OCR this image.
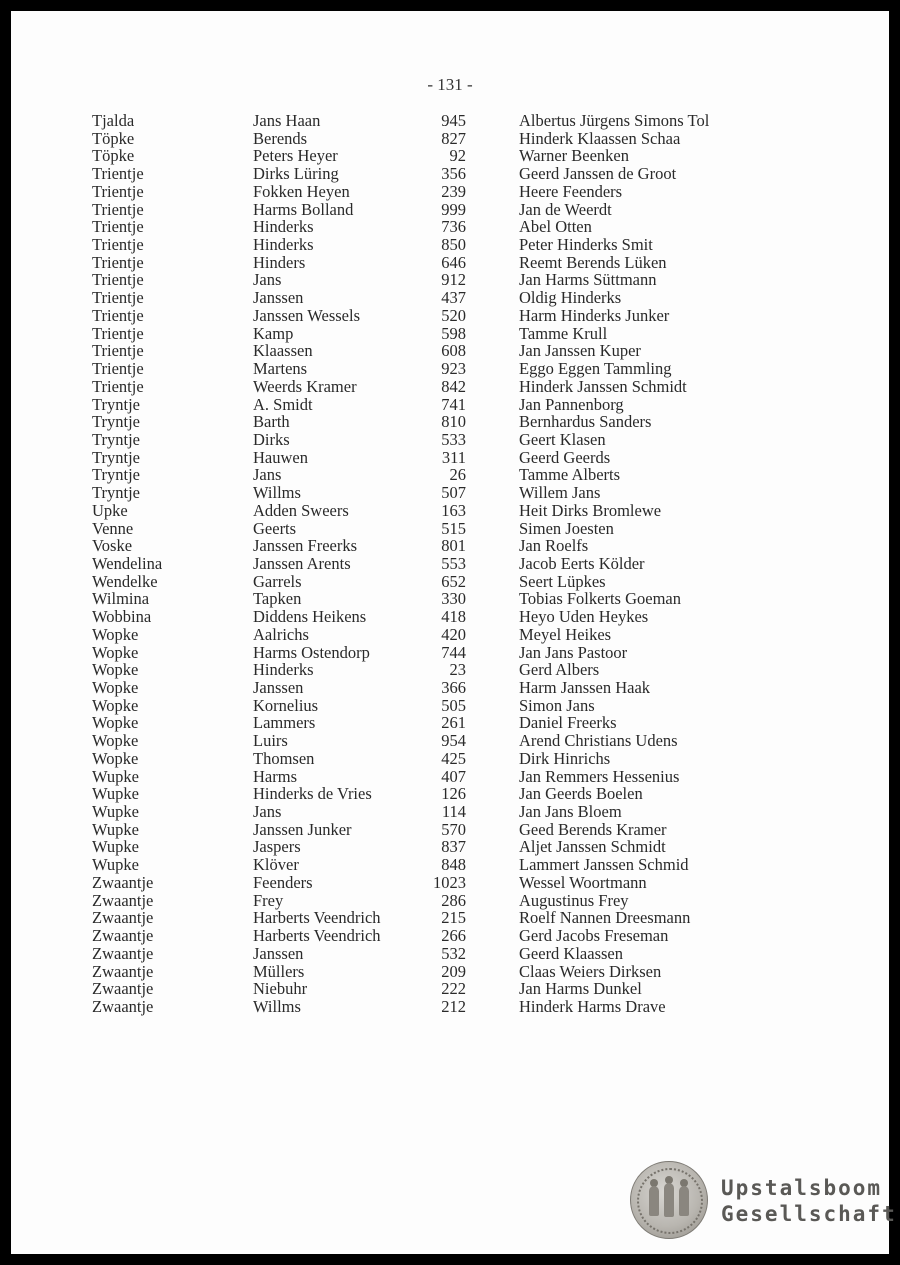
- 131 -
Tjalda	Jans Haan	945	Albertus Jürgens Simons Tol
Töpke	Berends	827	Hinderk Klaassen Schaa
Töpke	Peters Heyer	92	Warner Beenken
Trientje	Dirks Lüring	356	Geerd Janssen de Groot
Trientje	Fokken Heyen	239	Heere Feenders
Trientje	Harms Bolland	999	Jan de Weerdt
Trientje	Hinderks	736	Abel Otten
Trientje	Hinderks	850	Peter Hinderks Smit
Trientje	Hinders	646	Reemt Berends Lüken
Trientje	Jans	912	Jan Harms Süttmann
Trientje	Janssen	437	Oldig Hinderks
Trientje	Janssen Wessels	520	Harm Hinderks Junker
Trientje	Kamp	598	Tamme Krull
Trientje	Klaassen	608	Jan Janssen Kuper
Trientje	Martens	923	Eggo Eggen Tammling
Trientje	Weerds Kramer	842	Hinderk Janssen Schmidt
Tryntje	A. Smidt	741	Jan Pannenborg
Tryntje	Barth	810	Bernhardus Sanders
Tryntje	Dirks	533	Geert Klasen
Tryntje	Hauwen	311	Geerd Geerds
Tryntje	Jans	26	Tamme Alberts
Tryntje	Willms	507	Willem Jans
Upke	Adden Sweers	163	Heit Dirks Bromlewe
Venne	Geerts	515	Simen Joesten
Voske	Janssen Freerks	801	Jan Roelfs
Wendelina	Janssen Arents	553	Jacob Eerts Kölder
Wendelke	Garrels	652	Seert Lüpkes
Wilmina	Tapken	330	Tobias Folkerts Goeman
Wobbina	Diddens Heikens	418	Heyo Uden Heykes
Wopke	Aalrichs	420	Meyel Heikes
Wopke	Harms Ostendorp	744	Jan Jans Pastoor
Wopke	Hinderks	23	Gerd Albers
Wopke	Janssen	366	Harm Janssen Haak
Wopke	Kornelius	505	Simon Jans
Wopke	Lammers	261	Daniel Freerks
Wopke	Luirs	954	Arend Christians Udens
Wopke	Thomsen	425	Dirk Hinrichs
Wupke	Harms	407	Jan Remmers Hessenius
Wupke	Hinderks de Vries	126	Jan Geerds Boelen
Wupke	Jans	114	Jan Jans Bloem
Wupke	Janssen Junker	570	Geed Berends Kramer
Wupke	Jaspers	837	Aljet Janssen Schmidt
Wupke	Klöver	848	Lammert Janssen Schmid
Zwaantje	Feenders	1023	Wessel Woortmann
Zwaantje	Frey	286	Augustinus Frey
Zwaantje	Harberts Veendrich	215	Roelf Nannen Dreesmann
Zwaantje	Harberts Veendrich	266	Gerd Jacobs Freseman
Zwaantje	Janssen	532	Geerd Klaassen
Zwaantje	Müllers	209	Claas Weiers Dirksen
Zwaantje	Niebuhr	222	Jan Harms Dunkel
Zwaantje	Willms	212	Hinderk Harms Drave
Upstalsboom
Gesellschaft
